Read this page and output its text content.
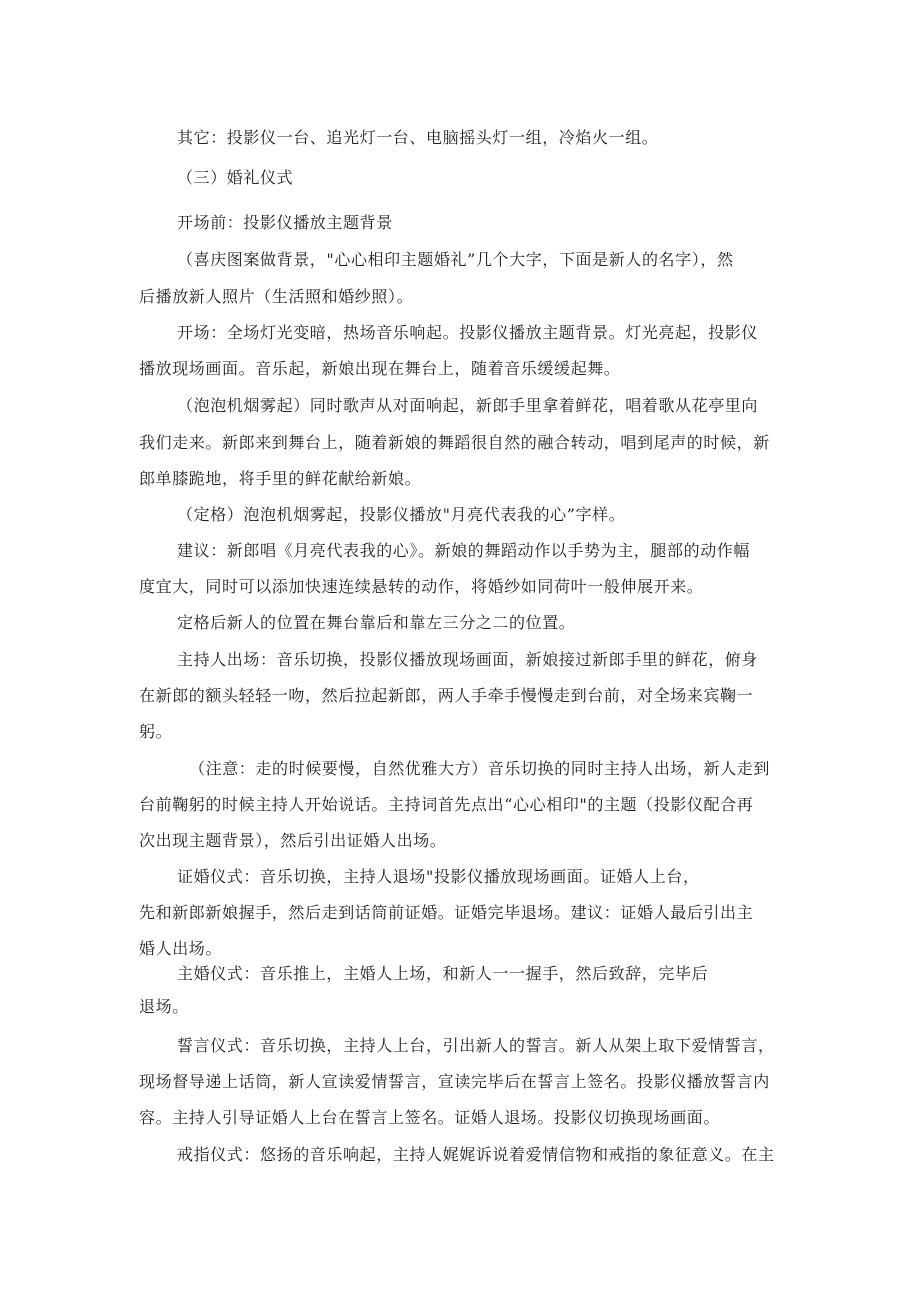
其它：投影仪一台、追光灯一台、电脑摇头灯一组，冷焰火一组。
（三）婚礼仪式
开场前：投影仪播放主题背景
（喜庆图案做背景，"心心相印主题婚礼”几个大字，下面是新人的名字），然
后播放新人照片（生活照和婚纱照）。
开场：全场灯光变暗，热场音乐响起。投影仪播放主题背景。灯光亮起，投影仪
播放现场画面。音乐起，新娘出现在舞台上，随着音乐缓缓起舞。
（泡泡机烟雾起）同时歌声从对面响起，新郎手里拿着鲜花，唱着歌从花亭里向
我们走来。新郎来到舞台上，随着新娘的舞蹈很自然的融合转动，唱到尾声的时候，新
郎单膝跪地，将手里的鲜花献给新娘。
（定格）泡泡机烟雾起，投影仪播放"月亮代表我的心”字样。
建议：新郎唱《月亮代表我的心》。新娘的舞蹈动作以手势为主，腿部的动作幅
度宜大，同时可以添加快速连续悬转的动作，将婚纱如同荷叶一般伸展开来。
定格后新人的位置在舞台靠后和靠左三分之二的位置。
主持人出场：音乐切换，投影仪播放现场画面，新娘接过新郎手里的鲜花，俯身
在新郎的额头轻轻一吻，然后拉起新郎，两人手牵手慢慢走到台前，对全场来宾鞠一
躬。
（注意：走的时候要慢，自然优雅大方）音乐切换的同时主持人出场，新人走到
台前鞠躬的时候主持人开始说话。主持词首先点出“心心相印"的主题（投影仪配合再
次出现主题背景），然后引出证婚人出场。
证婚仪式：音乐切换，主持人退场"投影仪播放现场画面。证婚人上台，
先和新郎新娘握手，然后走到话筒前证婚。证婚完毕退场。建议：证婚人最后引出主
婚人出场。
主婚仪式：音乐推上，主婚人上场，和新人一一握手，然后致辞，完毕后
退场。
誓言仪式：音乐切换，主持人上台，引出新人的誓言。新人从架上取下爱情誓言，
现场督导递上话筒，新人宣读爱情誓言，宣读完毕后在誓言上签名。投影仪播放誓言内
容。主持人引导证婚人上台在誓言上签名。证婚人退场。投影仪切换现场画面。
戒指仪式：悠扬的音乐响起，主持人娓娓诉说着爱情信物和戒指的象征意义。在主
